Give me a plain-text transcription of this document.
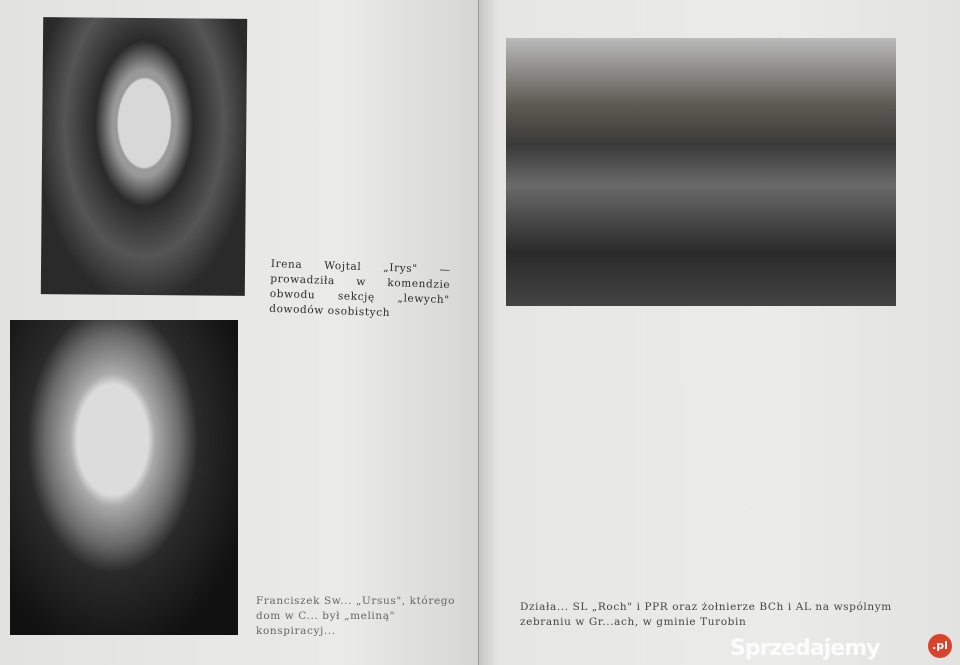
Irena Wojtal „Irys" — prowadziła w komendzie obwodu sekcję „lewych" dowodów osobistych
Franciszek Sw... „Ursus", którego dom w C... był „meliną" konspiracyj...
Działa... SL „Roch" i PPR oraz żołnierze BCh i AL na wspólnym zebraniu w Gr...ach, w gminie Turobin
Sprzedajemy	.pl
